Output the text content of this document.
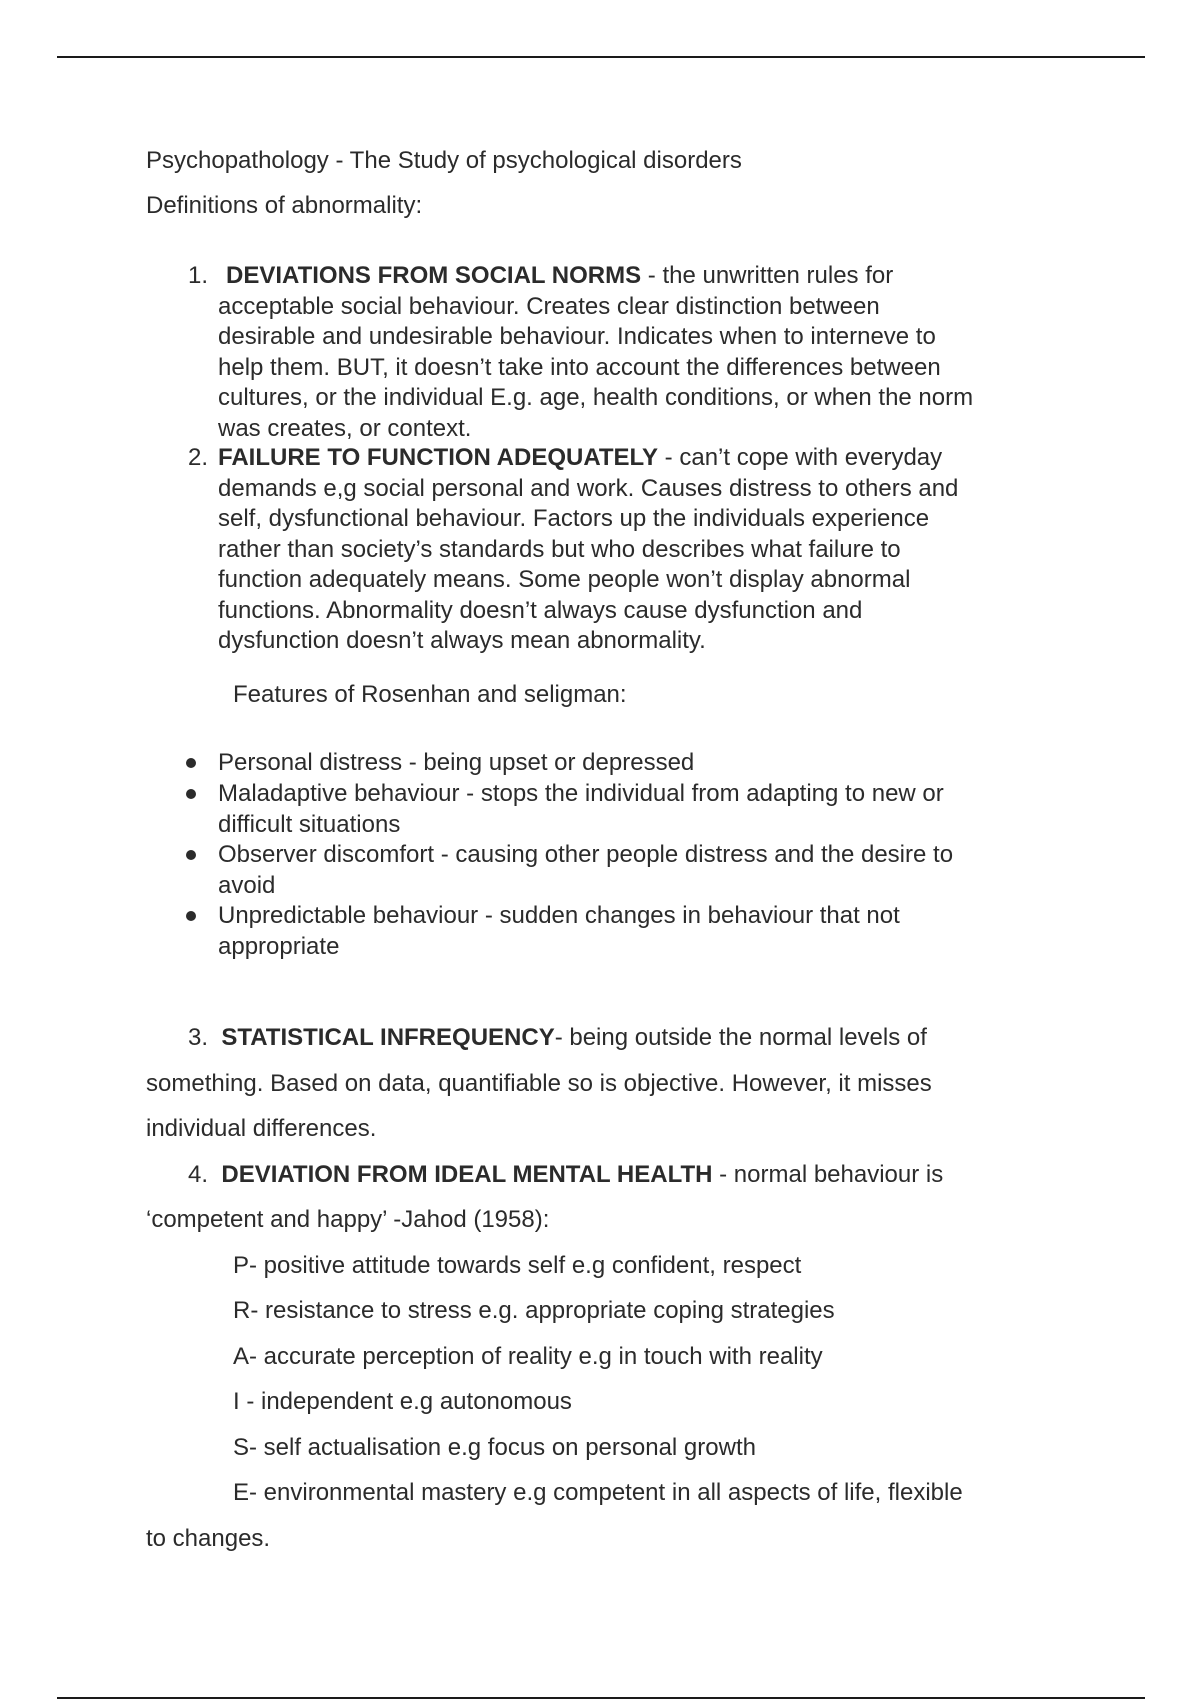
Psychopathology - The Study of psychological disorders
Definitions of abnormality:
1. DEVIATIONS FROM SOCIAL NORMS - the unwritten rules for
acceptable social behaviour. Creates clear distinction between
desirable and undesirable behaviour. Indicates when to interneve to
help them. BUT, it doesn’t take into account the differences between
cultures, or the individual E.g. age, health conditions, or when the norm
was creates, or context.
2. FAILURE TO FUNCTION ADEQUATELY - can’t cope with everyday
demands e,g social personal and work. Causes distress to others and
self, dysfunctional behaviour. Factors up the individuals experience
rather than society’s standards but who describes what failure to
function adequately means. Some people won’t display abnormal
functions. Abnormality doesn’t always cause dysfunction and
dysfunction doesn’t always mean abnormality.
Features of Rosenhan and seligman:
Personal distress - being upset or depressed
Maladaptive behaviour - stops the individual from adapting to new or
difficult situations
Observer discomfort - causing other people distress and the desire to
avoid
Unpredictable behaviour - sudden changes in behaviour that not
appropriate
3. STATISTICAL INFREQUENCY- being outside the normal levels of
something. Based on data, quantifiable so is objective. However, it misses
individual differences.
4. DEVIATION FROM IDEAL MENTAL HEALTH - normal behaviour is
‘competent and happy’ -Jahod (1958):
P- positive attitude towards self e.g confident, respect
R- resistance to stress e.g. appropriate coping strategies
A- accurate perception of reality e.g in touch with reality
I - independent e.g autonomous
S- self actualisation e.g focus on personal growth
E- environmental mastery e.g competent in all aspects of life, flexible
to changes.
